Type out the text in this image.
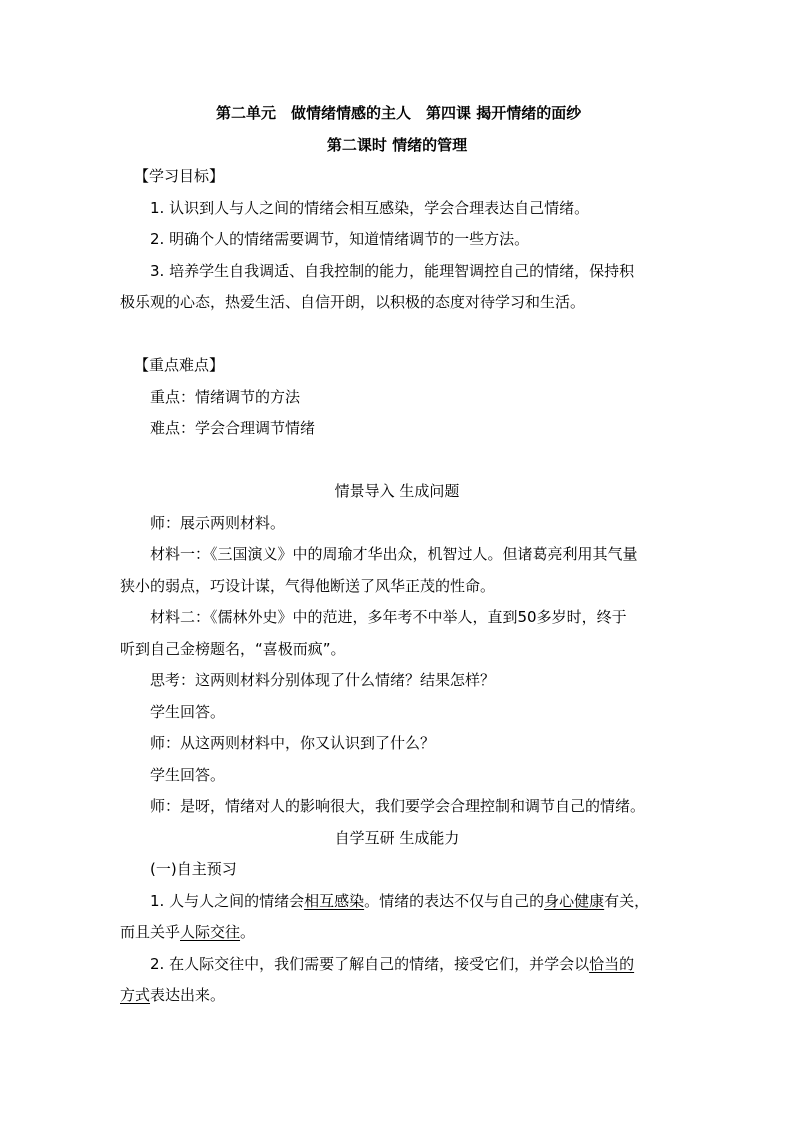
第二单元　做情绪情感的主人　第四课 揭开情绪的面纱
第二课时 情绪的管理
【学习目标】
1. 认识到人与人之间的情绪会相互感染，学会合理表达自己情绪。
2. 明确个人的情绪需要调节，知道情绪调节的一些方法。
3. 培养学生自我调适、自我控制的能力，能理智调控自己的情绪，保持积
极乐观的心态，热爱生活、自信开朗，以积极的态度对待学习和生活。
【重点难点】
重点：情绪调节的方法
难点：学会合理调节情绪
情景导入 生成问题
师：展示两则材料。
材料一：《三国演义》中的周瑜才华出众，机智过人。但诸葛亮利用其气量
狭小的弱点，巧设计谋，气得他断送了风华正茂的性命。
材料二：《儒林外史》中的范进，多年考不中举人，直到50多岁时，终于
听到自己金榜题名，“喜极而疯”。
思考：这两则材料分别体现了什么情绪？结果怎样？
学生回答。
师：从这两则材料中，你又认识到了什么？
学生回答。
师：是呀，情绪对人的影响很大，我们要学会合理控制和调节自己的情绪。
自学互研 生成能力
(一)自主预习
1. 人与人之间的情绪会相互感染。情绪的表达不仅与自己的身心健康有关，
而且关乎人际交往。
2. 在人际交往中，我们需要了解自己的情绪，接受它们，并学会以恰当的
方式表达出来。
